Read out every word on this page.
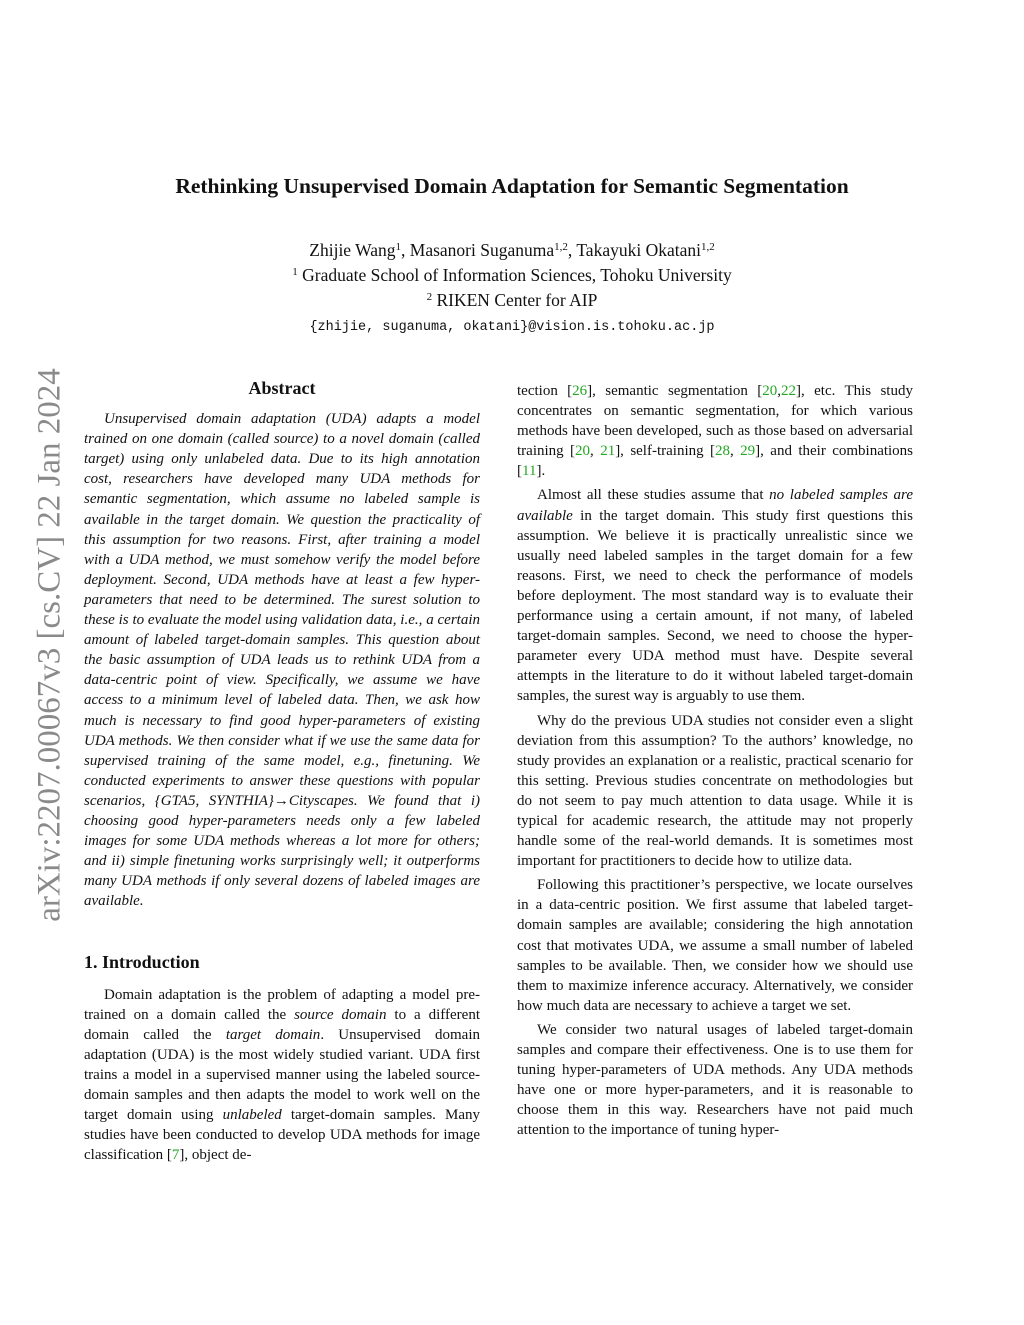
arXiv:2207.00067v3 [cs.CV] 22 Jan 2024
Rethinking Unsupervised Domain Adaptation for Semantic Segmentation
Zhijie Wang$^1$, Masanori Suganuma$^{1,2}$, Takayuki Okatani$^{1,2}$
$^1$ Graduate School of Information Sciences, Tohoku University
$^2$ RIKEN Center for AIP
{zhijie, suganuma, okatani}@vision.is.tohoku.ac.jp
Abstract

Unsupervised domain adaptation (UDA) adapts a model trained on one domain (called source) to a novel domain (called target) using only unlabeled data. Due to its high annotation cost, researchers have developed many UDA methods for semantic segmentation, which assume no labeled sample is available in the target domain. We question the practicality of this assumption for two reasons. First, after training a model with a UDA method, we must somehow verify the model before deployment. Second, UDA methods have at least a few hyper-parameters that need to be determined. The surest solution to these is to evaluate the model using validation data, i.e., a certain amount of labeled target-domain samples. This question about the basic assumption of UDA leads us to rethink UDA from a data-centric point of view. Specifically, we assume we have access to a minimum level of labeled data. Then, we ask how much is necessary to find good hyper-parameters of existing UDA methods. We then consider what if we use the same data for supervised training of the same model, e.g., finetuning. We conducted experiments to answer these questions with popular scenarios, {GTA5, SYNTHIA}→Cityscapes. We found that i) choosing good hyper-parameters needs only a few labeled images for some UDA methods whereas a lot more for others; and ii) simple finetuning works surprisingly well; it outperforms many UDA methods if only several dozens of labeled images are available.

1. Introduction

Domain adaptation is the problem of adapting a model pre-trained on a domain called the source domain to a different domain called the target domain. Unsupervised domain adaptation (UDA) is the most widely studied variant. UDA first trains a model in a supervised manner using the labeled source-domain samples and then adapts the model to work well on the target domain using unlabeled target-domain samples. Many studies have been conducted to develop UDA methods for image classification [7], object de-

tection [26], semantic segmentation [20,22], etc. This study concentrates on semantic segmentation, for which various methods have been developed, such as those based on adversarial training [20, 21], self-training [28, 29], and their combinations [11].

Almost all these studies assume that no labeled samples are available in the target domain. This study first questions this assumption. We believe it is practically unrealistic since we usually need labeled samples in the target domain for a few reasons. First, we need to check the performance of models before deployment. The most standard way is to evaluate their performance using a certain amount, if not many, of labeled target-domain samples. Second, we need to choose the hyper-parameter every UDA method must have. Despite several attempts in the literature to do it without labeled target-domain samples, the surest way is arguably to use them.

Why do the previous UDA studies not consider even a slight deviation from this assumption? To the authors’ knowledge, no study provides an explanation or a realistic, practical scenario for this setting. Previous studies concentrate on methodologies but do not seem to pay much attention to data usage. While it is typical for academic research, the attitude may not properly handle some of the real-world demands. It is sometimes most important for practitioners to decide how to utilize data.

Following this practitioner’s perspective, we locate ourselves in a data-centric position. We first assume that labeled target-domain samples are available; considering the high annotation cost that motivates UDA, we assume a small number of labeled samples to be available. Then, we consider how we should use them to maximize inference accuracy. Alternatively, we consider how much data are necessary to achieve a target we set.

We consider two natural usages of labeled target-domain samples and compare their effectiveness. One is to use them for tuning hyper-parameters of UDA methods. Any UDA methods have one or more hyper-parameters, and it is reasonable to choose them in this way. Researchers have not paid much attention to the importance of tuning hyper-
